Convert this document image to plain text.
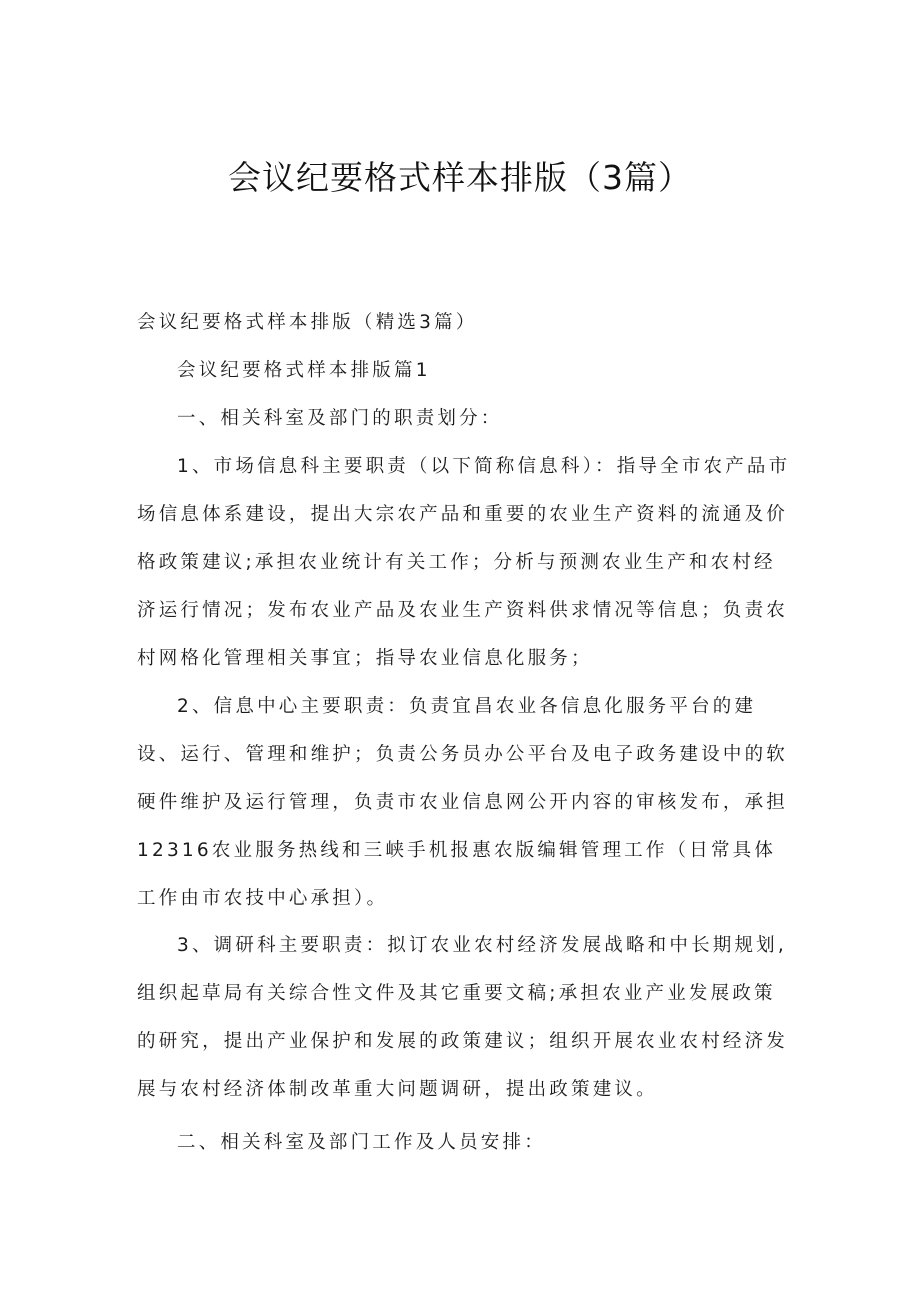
会议纪要格式样本排版（3篇）
会议纪要格式样本排版（精选3篇）
会议纪要格式样本排版篇1
一、相关科室及部门的职责划分：
1、市场信息科主要职责（以下简称信息科）：指导全市农产品市场信息体系建设，提出大宗农产品和重要的农业生产资料的流通及价格政策建议;承担农业统计有关工作；分析与预测农业生产和农村经济运行情况；发布农业产品及农业生产资料供求情况等信息；负责农村网格化管理相关事宜；指导农业信息化服务；
2、信息中心主要职责：负责宜昌农业各信息化服务平台的建设、运行、管理和维护；负责公务员办公平台及电子政务建设中的软硬件维护及运行管理，负责市农业信息网公开内容的审核发布，承担12316农业服务热线和三峡手机报惠农版编辑管理工作（日常具体工作由市农技中心承担）。
3、调研科主要职责：拟订农业农村经济发展战略和中长期规划,组织起草局有关综合性文件及其它重要文稿;承担农业产业发展政策的研究，提出产业保护和发展的政策建议；组织开展农业农村经济发展与农村经济体制改革重大问题调研，提出政策建议。
二、相关科室及部门工作及人员安排：
